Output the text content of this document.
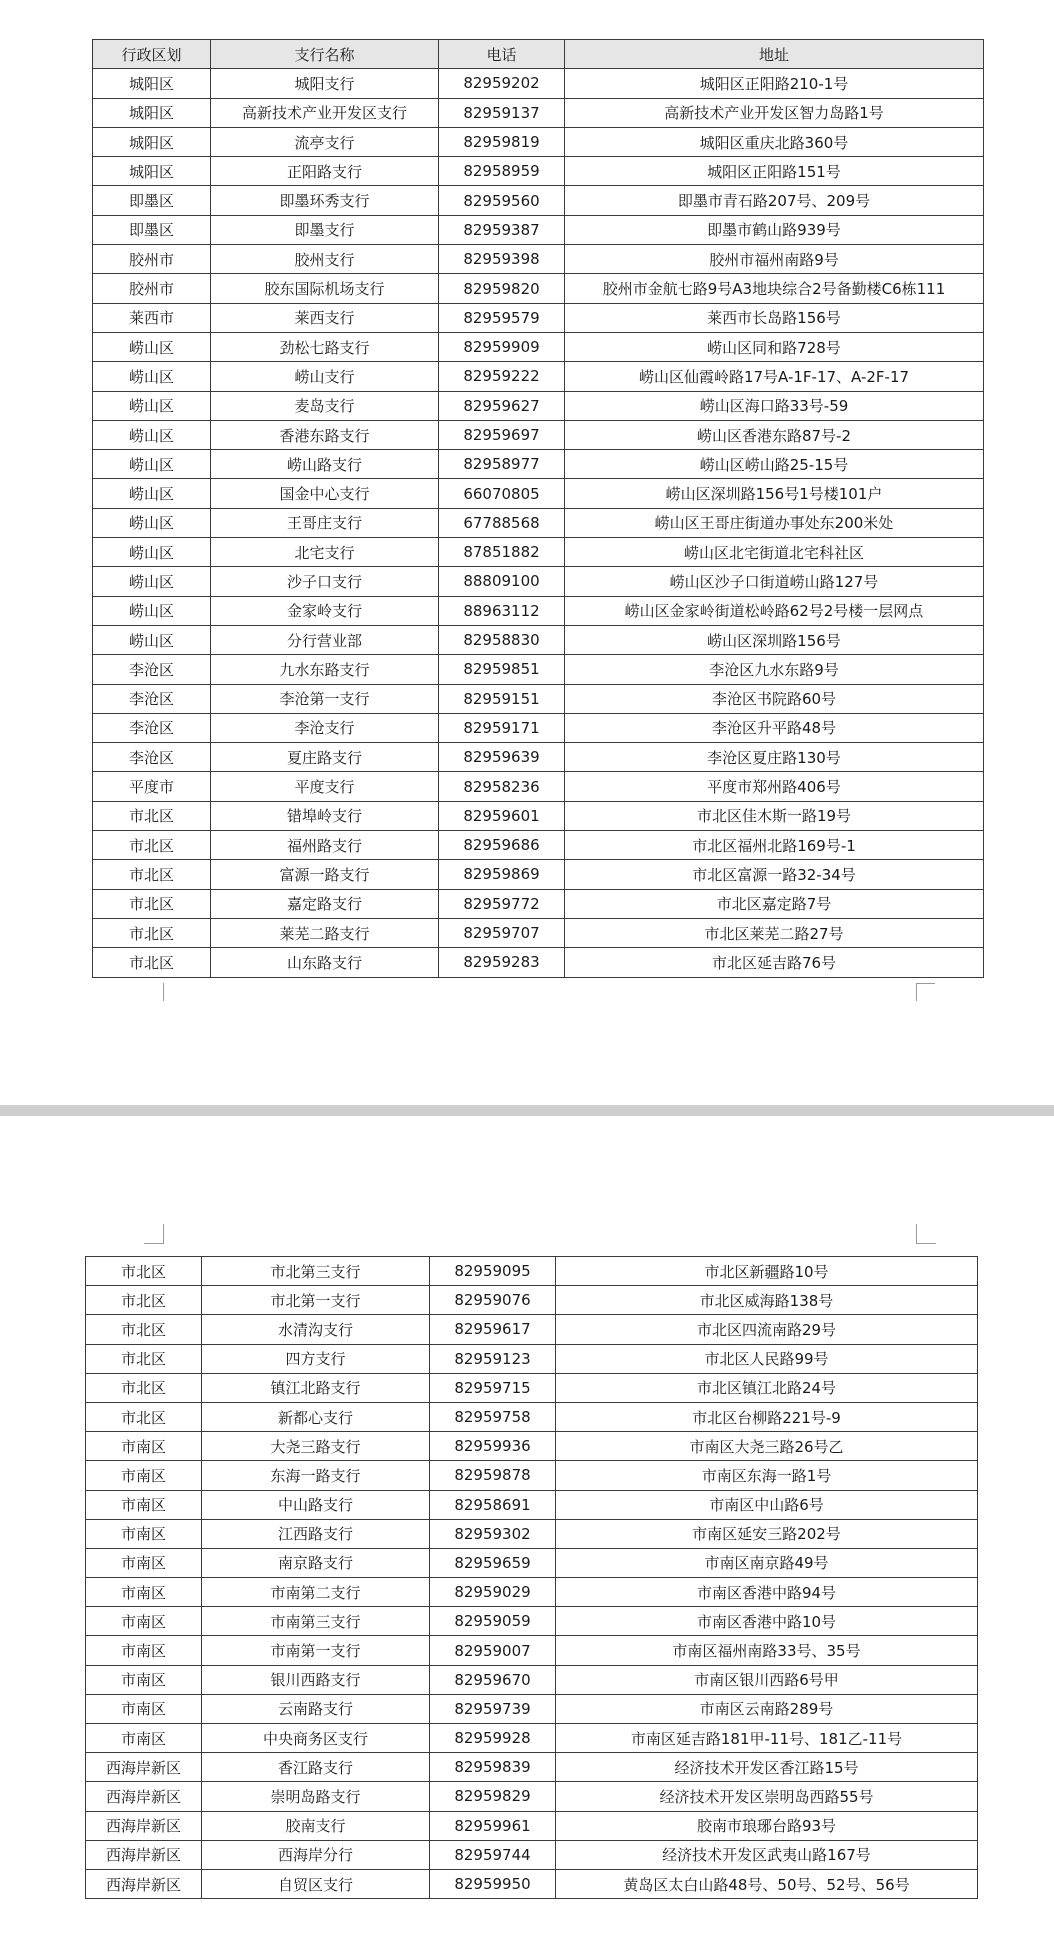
行政区划	支行名称	电话	地址
城阳区	城阳支行	82959202	城阳区正阳路210-1号
城阳区	高新技术产业开发区支行	82959137	高新技术产业开发区智力岛路1号
城阳区	流亭支行	82959819	城阳区重庆北路360号
城阳区	正阳路支行	82958959	城阳区正阳路151号
即墨区	即墨环秀支行	82959560	即墨市青石路207号、209号
即墨区	即墨支行	82959387	即墨市鹤山路939号
胶州市	胶州支行	82959398	胶州市福州南路9号
胶州市	胶东国际机场支行	82959820	胶州市金航七路9号A3地块综合2号备勤楼C6栋111
莱西市	莱西支行	82959579	莱西市长岛路156号
崂山区	劲松七路支行	82959909	崂山区同和路728号
崂山区	崂山支行	82959222	崂山区仙霞岭路17号A-1F-17、A-2F-17
崂山区	麦岛支行	82959627	崂山区海口路33号-59
崂山区	香港东路支行	82959697	崂山区香港东路87号-2
崂山区	崂山路支行	82958977	崂山区崂山路25-15号
崂山区	国金中心支行	66070805	崂山区深圳路156号1号楼101户
崂山区	王哥庄支行	67788568	崂山区王哥庄街道办事处东200米处
崂山区	北宅支行	87851882	崂山区北宅街道北宅科社区
崂山区	沙子口支行	88809100	崂山区沙子口街道崂山路127号
崂山区	金家岭支行	88963112	崂山区金家岭街道松岭路62号2号楼一层网点
崂山区	分行营业部	82958830	崂山区深圳路156号
李沧区	九水东路支行	82959851	李沧区九水东路9号
李沧区	李沧第一支行	82959151	李沧区书院路60号
李沧区	李沧支行	82959171	李沧区升平路48号
李沧区	夏庄路支行	82959639	李沧区夏庄路130号
平度市	平度支行	82958236	平度市郑州路406号
市北区	错埠岭支行	82959601	市北区佳木斯一路19号
市北区	福州路支行	82959686	市北区福州北路169号-1
市北区	富源一路支行	82959869	市北区富源一路32-34号
市北区	嘉定路支行	82959772	市北区嘉定路7号
市北区	莱芜二路支行	82959707	市北区莱芜二路27号
市北区	山东路支行	82959283	市北区延吉路76号
市北区	市北第三支行	82959095	市北区新疆路10号
市北区	市北第一支行	82959076	市北区威海路138号
市北区	水清沟支行	82959617	市北区四流南路29号
市北区	四方支行	82959123	市北区人民路99号
市北区	镇江北路支行	82959715	市北区镇江北路24号
市北区	新都心支行	82959758	市北区台柳路221号-9
市南区	大尧三路支行	82959936	市南区大尧三路26号乙
市南区	东海一路支行	82959878	市南区东海一路1号
市南区	中山路支行	82958691	市南区中山路6号
市南区	江西路支行	82959302	市南区延安三路202号
市南区	南京路支行	82959659	市南区南京路49号
市南区	市南第二支行	82959029	市南区香港中路94号
市南区	市南第三支行	82959059	市南区香港中路10号
市南区	市南第一支行	82959007	市南区福州南路33号、35号
市南区	银川西路支行	82959670	市南区银川西路6号甲
市南区	云南路支行	82959739	市南区云南路289号
市南区	中央商务区支行	82959928	市南区延吉路181甲-11号、181乙-11号
西海岸新区	香江路支行	82959839	经济技术开发区香江路15号
西海岸新区	崇明岛路支行	82959829	经济技术开发区崇明岛西路55号
西海岸新区	胶南支行	82959961	胶南市琅琊台路93号
西海岸新区	西海岸分行	82959744	经济技术开发区武夷山路167号
西海岸新区	自贸区支行	82959950	黄岛区太白山路48号、50号、52号、56号
